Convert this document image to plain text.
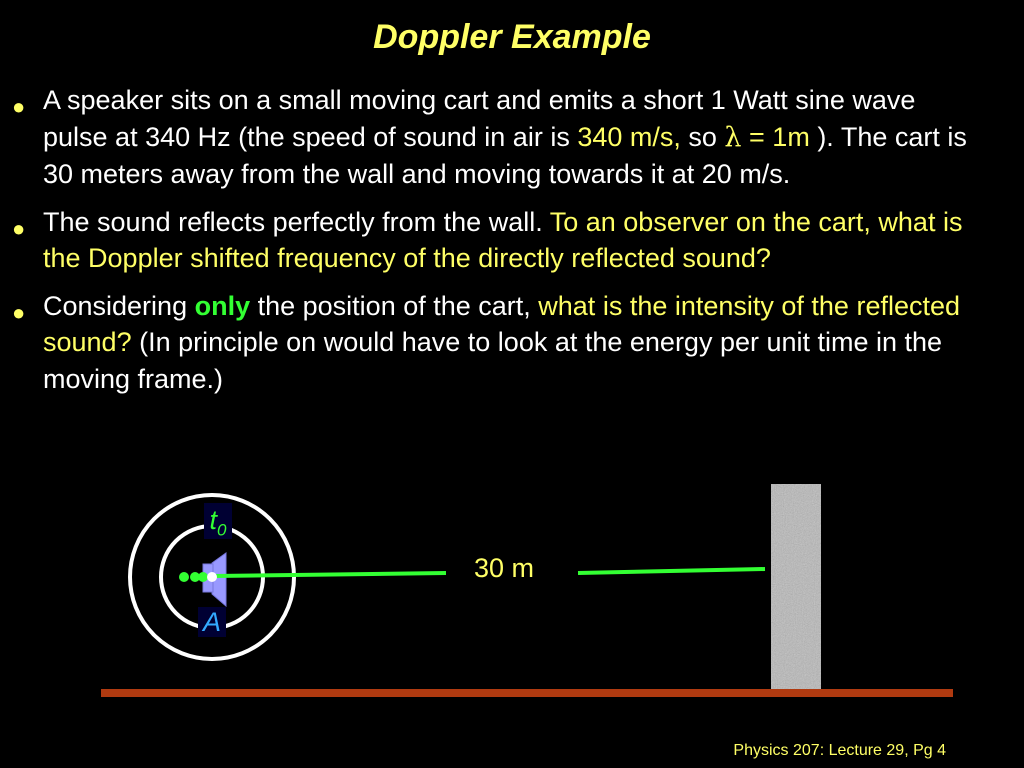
Doppler Example
● A speaker sits on a small moving cart and emits a short 1 Watt sine wave pulse at 340 Hz (the speed of sound in air is 340 m/s, so λ = 1m ). The cart is 30 meters away from the wall and moving towards it at 20 m/s.
● The sound reflects perfectly from the wall. To an observer on the cart, what is the Doppler shifted frequency of the directly reflected sound?
● Considering only the position of the cart, what is the intensity of the reflected sound? (In principle on would have to look at the energy per unit time in the moving frame.)
$t_0$
A
30 m
Physics 207: Lecture 29, Pg 4
